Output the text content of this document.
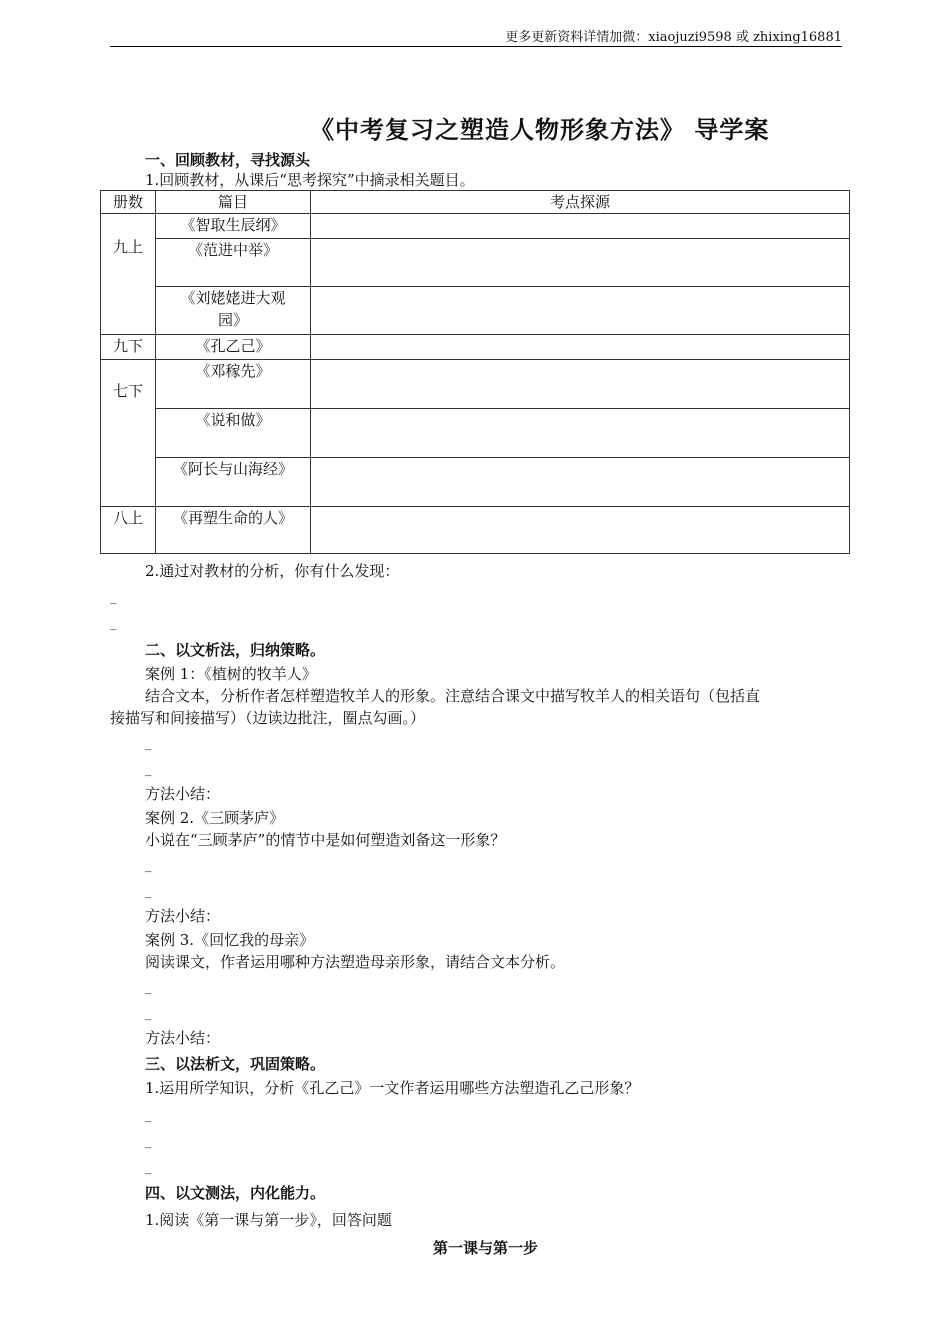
更多更新资料详情加微：xiaojuzi9598 或 zhixing16881
《中考复习之塑造人物形象方法》 导学案
一、回顾教材，寻找源头
1.回顾教材，从课后“思考探究”中摘录相关题目。
册数	篇目	考点探源
九上	《智取生辰纲》	
	《范进中举》	
	《刘姥姥进大观园》	
九下	《孔乙己》	
七下	《邓稼先》	
	《说和做》	
	《阿长与山海经》	
八上	《再塑生命的人》	
2.通过对教材的分析，你有什么发现：
_
_
二、以文析法，归纳策略。
案例 1：《植树的牧羊人》
结合文本，分析作者怎样塑造牧羊人的形象。注意结合课文中描写牧羊人的相关语句（包括直
接描写和间接描写）（边读边批注，圈点勾画。）
_
_
方法小结：
案例 2.《三顾茅庐》
小说在“三顾茅庐”的情节中是如何塑造刘备这一形象？
_
_
方法小结：
案例 3.《回忆我的母亲》
阅读课文，作者运用哪种方法塑造母亲形象，请结合文本分析。
_
_
方法小结：
三、以法析文，巩固策略。
1.运用所学知识，分析《孔乙己》一文作者运用哪些方法塑造孔乙己形象？
_
_
_
四、以文测法，内化能力。
1.阅读《第一课与第一步》，回答问题
第一课与第一步
